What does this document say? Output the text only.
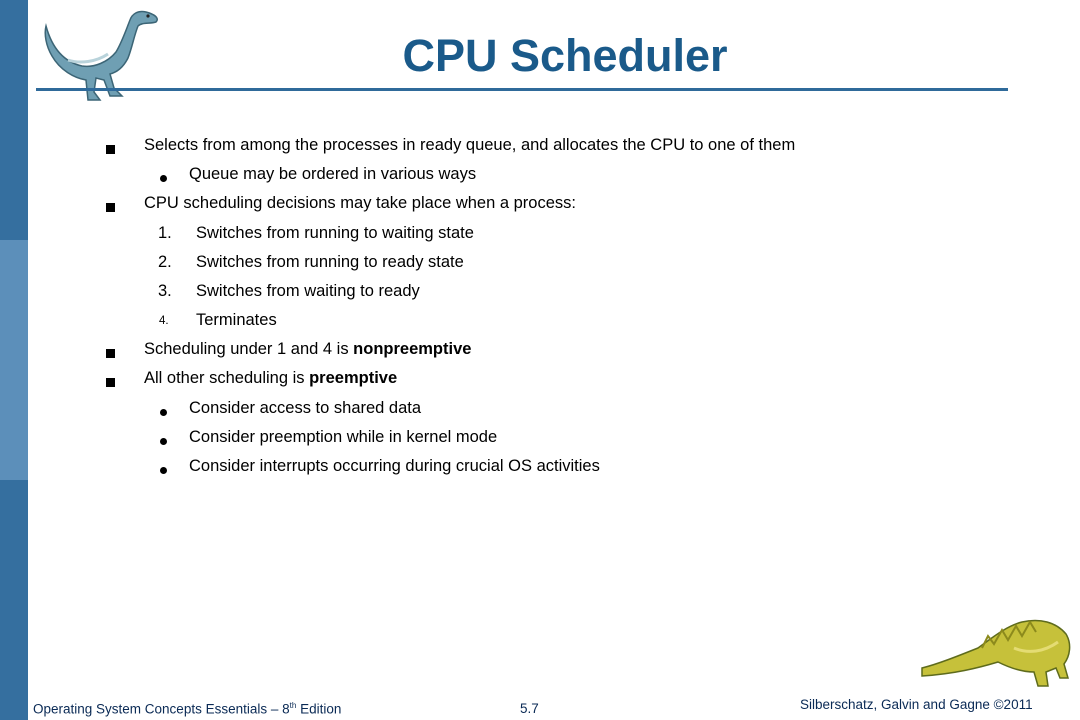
CPU Scheduler
Selects from among the processes in ready queue, and allocates the CPU to one of them
Queue may be ordered in various ways
CPU scheduling decisions may take place when a process:
1. Switches from running to waiting state
2. Switches from running to ready state
3. Switches from waiting to ready
4. Terminates
Scheduling under 1 and 4 is nonpreemptive
All other scheduling is preemptive
Consider access to shared data
Consider preemption while in kernel mode
Consider interrupts occurring during crucial OS activities
Operating System Concepts Essentials – 8th Edition	5.7	Silberschatz, Galvin and Gagne ©2011
